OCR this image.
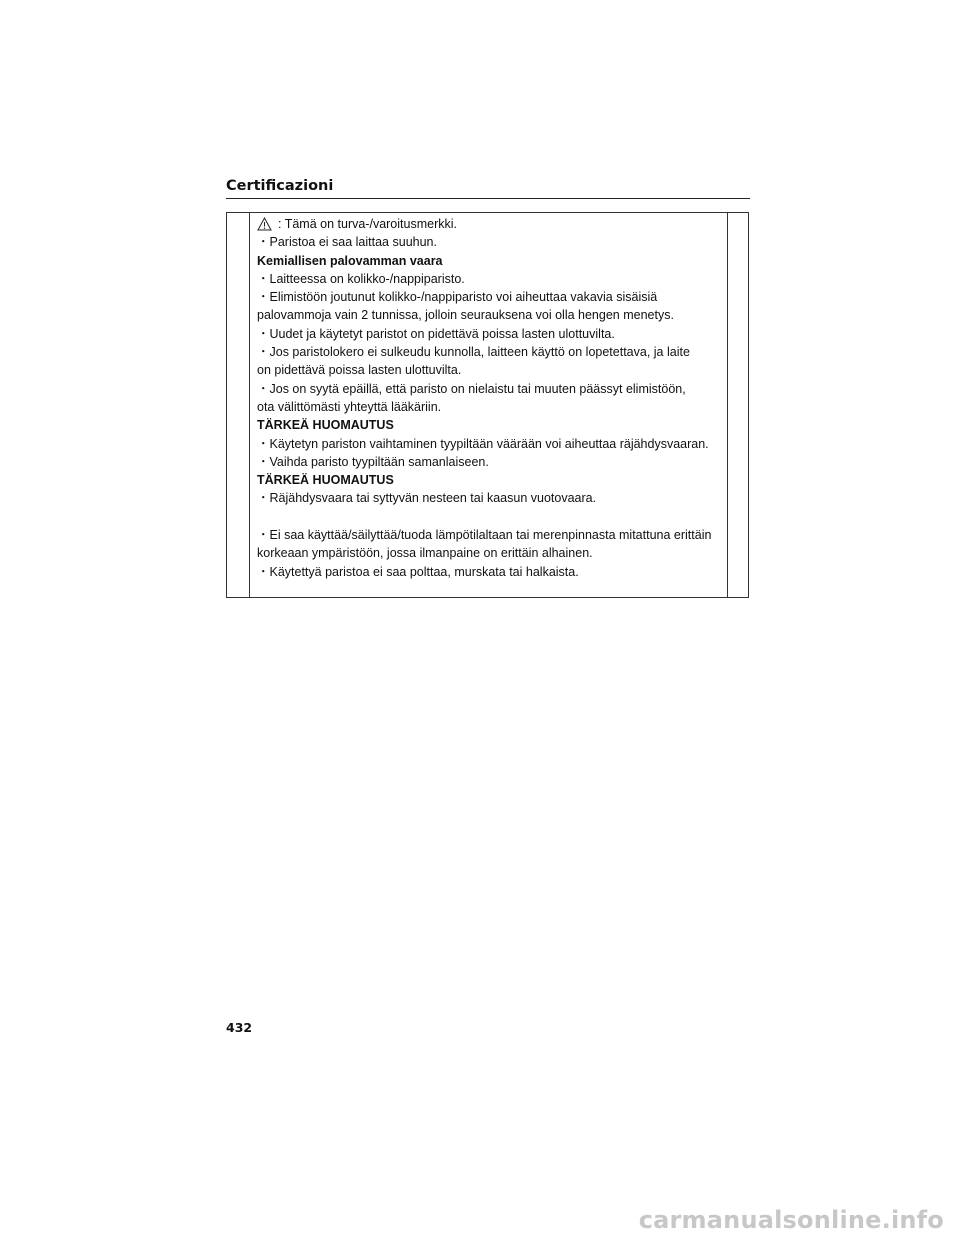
Certificazioni
: Tämä on turva-/varoitusmerkki.
・Paristoa ei saa laittaa suuhun.
Kemiallisen palovamman vaara
・Laitteessa on kolikko-/nappiparisto.
・Elimistöön joutunut kolikko-/nappiparisto voi aiheuttaa vakavia sisäisiä
palovammoja vain 2 tunnissa, jolloin seurauksena voi olla hengen menetys.
・Uudet ja käytetyt paristot on pidettävä poissa lasten ulottuvilta.
・Jos paristolokero ei sulkeudu kunnolla, laitteen käyttö on lopetettava, ja laite
on pidettävä poissa lasten ulottuvilta.
・Jos on syytä epäillä, että paristo on nielaistu tai muuten päässyt elimistöön,
ota välittömästi yhteyttä lääkäriin.
TÄRKEÄ HUOMAUTUS
・Käytetyn pariston vaihtaminen tyypiltään väärään voi aiheuttaa räjähdysvaaran.
・Vaihda paristo tyypiltään samanlaiseen.
TÄRKEÄ HUOMAUTUS
・Räjähdysvaara tai syttyvän nesteen tai kaasun vuotovaara.
・Ei saa käyttää/säilyttää/tuoda lämpötilaltaan tai merenpinnasta mitattuna erittäin
korkeaan ympäristöön, jossa ilmanpaine on erittäin alhainen.
・Käytettyä paristoa ei saa polttaa, murskata tai halkaista.
432
carmanualsonline.info
